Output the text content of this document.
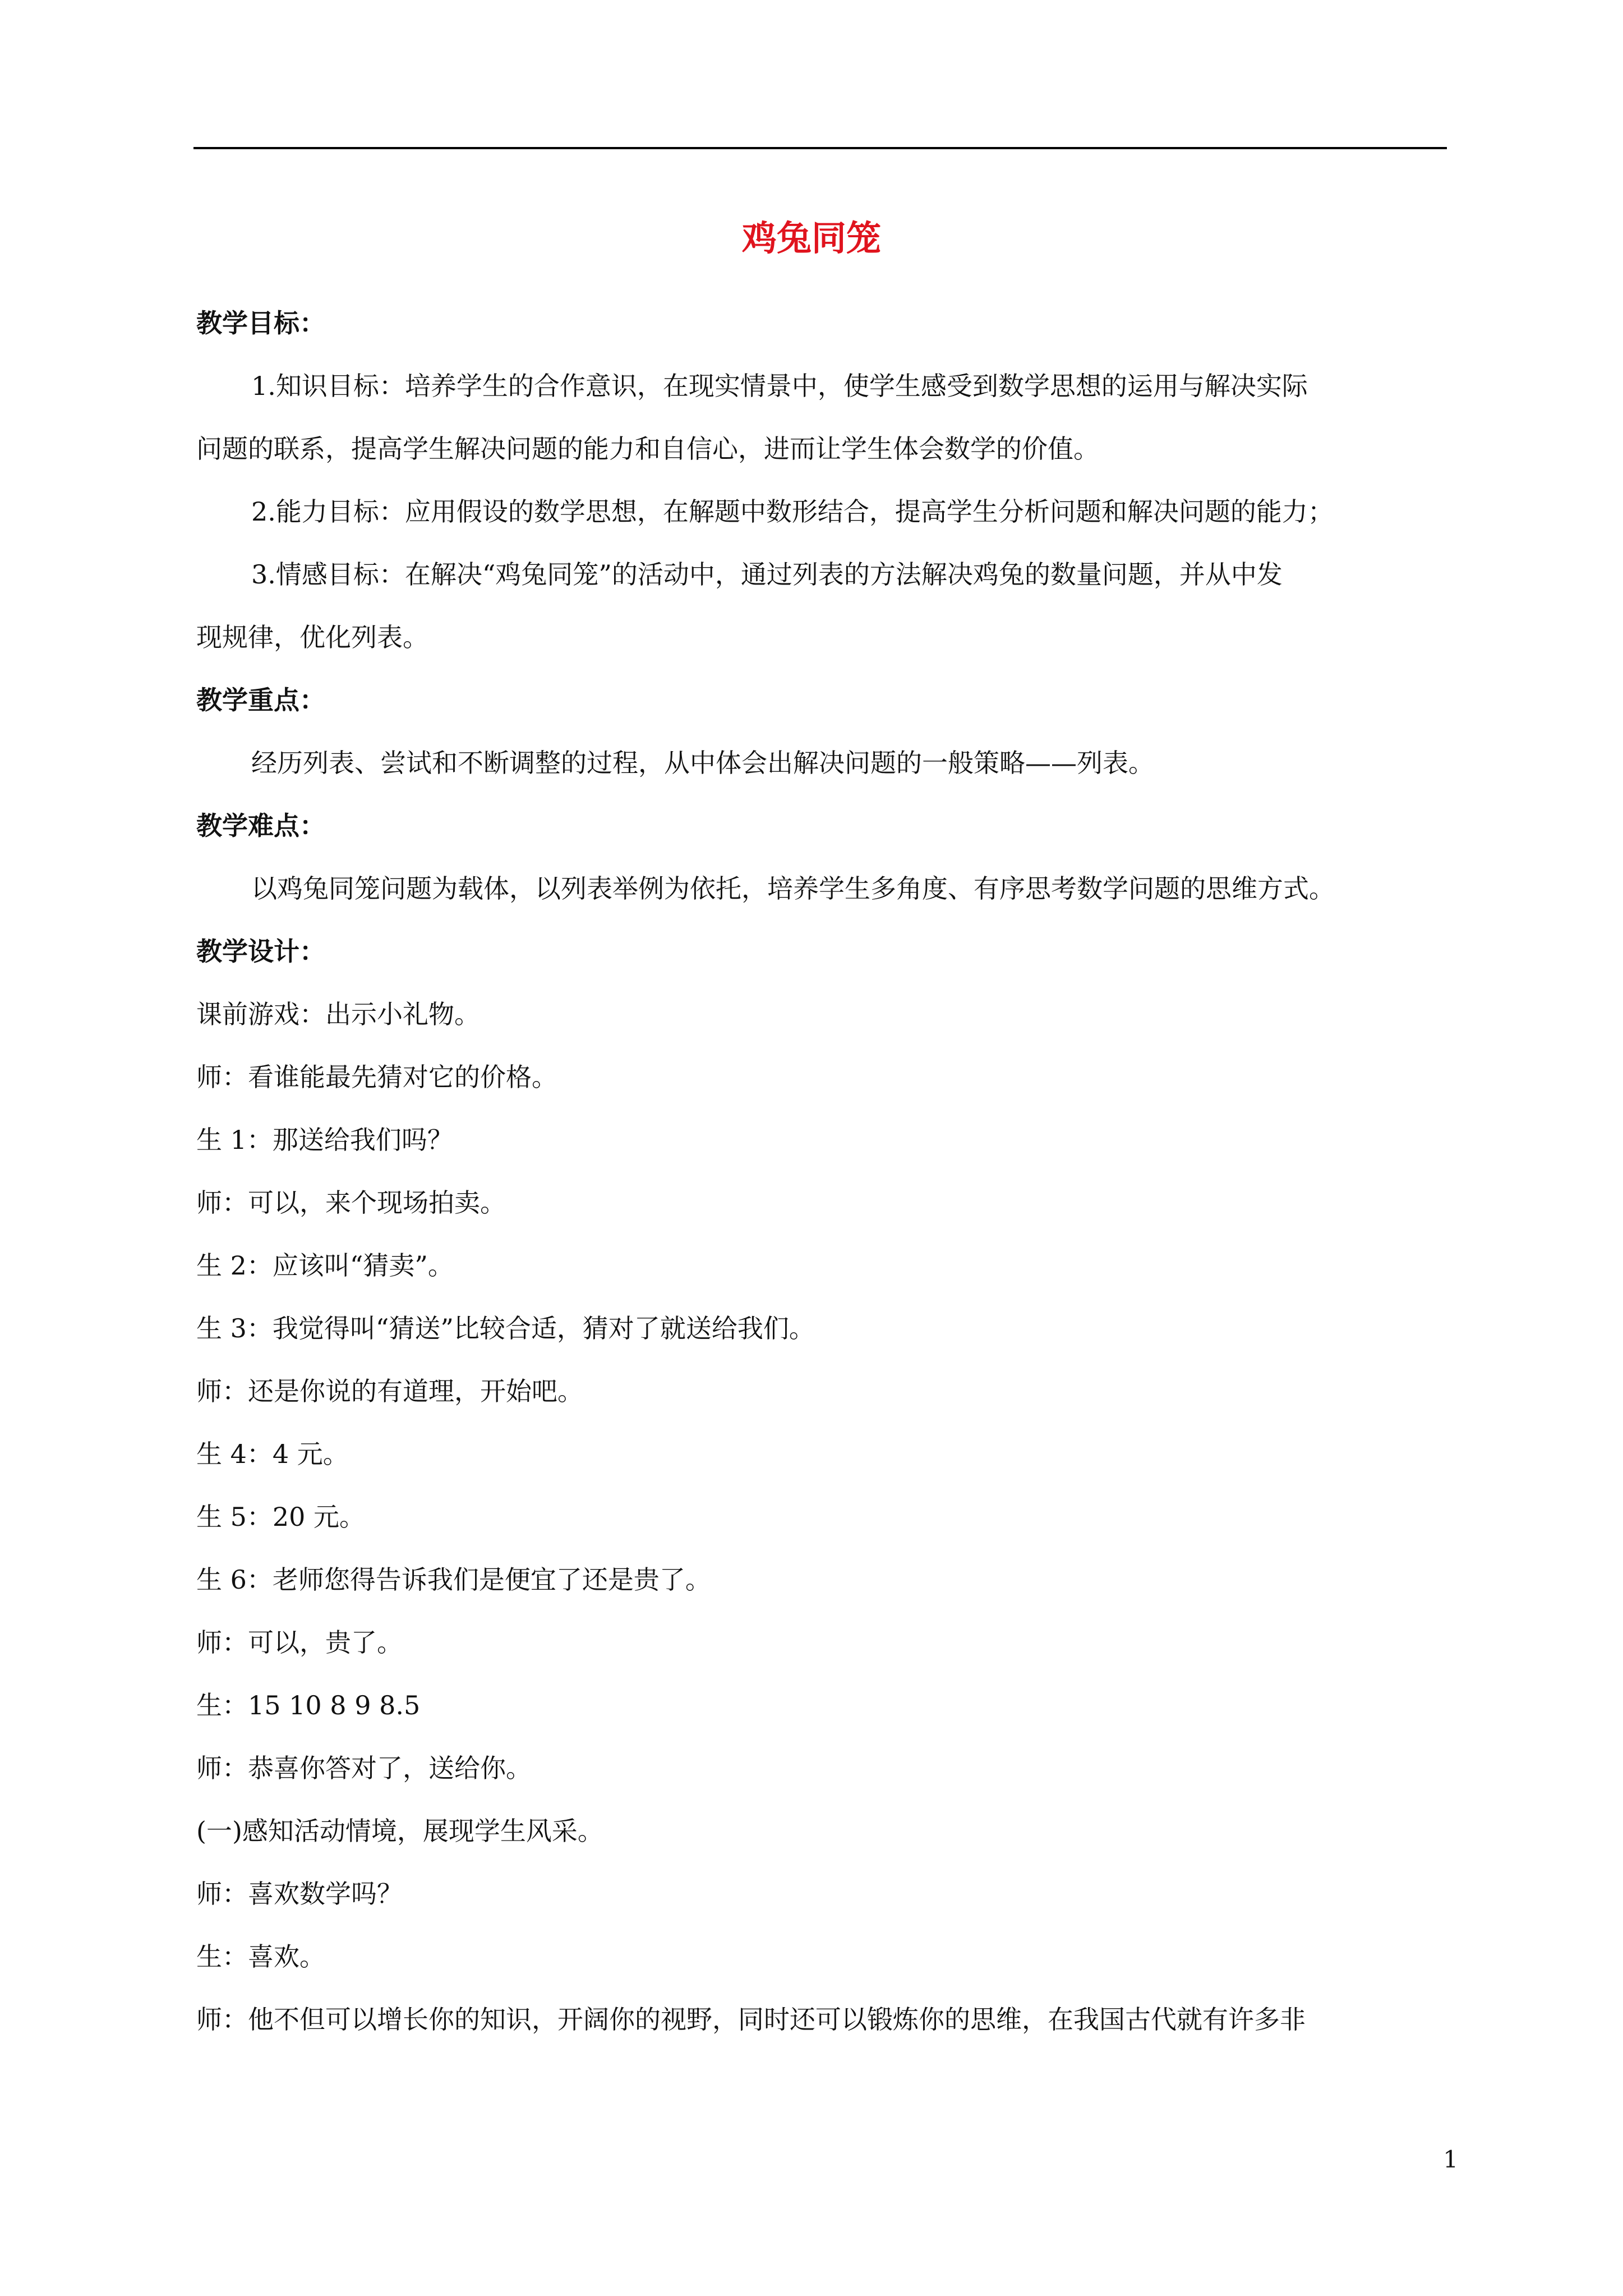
鸡兔同笼
教学目标：
1.知识目标：培养学生的合作意识，在现实情景中，使学生感受到数学思想的运用与解决实际
问题的联系，提高学生解决问题的能力和自信心，进而让学生体会数学的价值。
2.能力目标：应用假设的数学思想，在解题中数形结合，提高学生分析问题和解决问题的能力；
3.情感目标：在解决“鸡兔同笼”的活动中，通过列表的方法解决鸡兔的数量问题，并从中发
现规律，优化列表。
教学重点：
经历列表、尝试和不断调整的过程，从中体会出解决问题的一般策略——列表。
教学难点：
以鸡兔同笼问题为载体，以列表举例为依托，培养学生多角度、有序思考数学问题的思维方式。
教学设计：
课前游戏：出示小礼物。
师：看谁能最先猜对它的价格。
生 1：那送给我们吗？
师：可以，来个现场拍卖。
生 2：应该叫“猜卖”。
生 3：我觉得叫“猜送”比较合适，猜对了就送给我们。
师：还是你说的有道理，开始吧。
生 4：4 元。
生 5：20 元。
生 6：老师您得告诉我们是便宜了还是贵了。
师：可以，贵了。
生：15 10 8 9 8.5
师：恭喜你答对了，送给你。
(一)感知活动情境，展现学生风采。
师：喜欢数学吗？
生：喜欢。
师：他不但可以增长你的知识，开阔你的视野，同时还可以锻炼你的思维，在我国古代就有许多非
1
